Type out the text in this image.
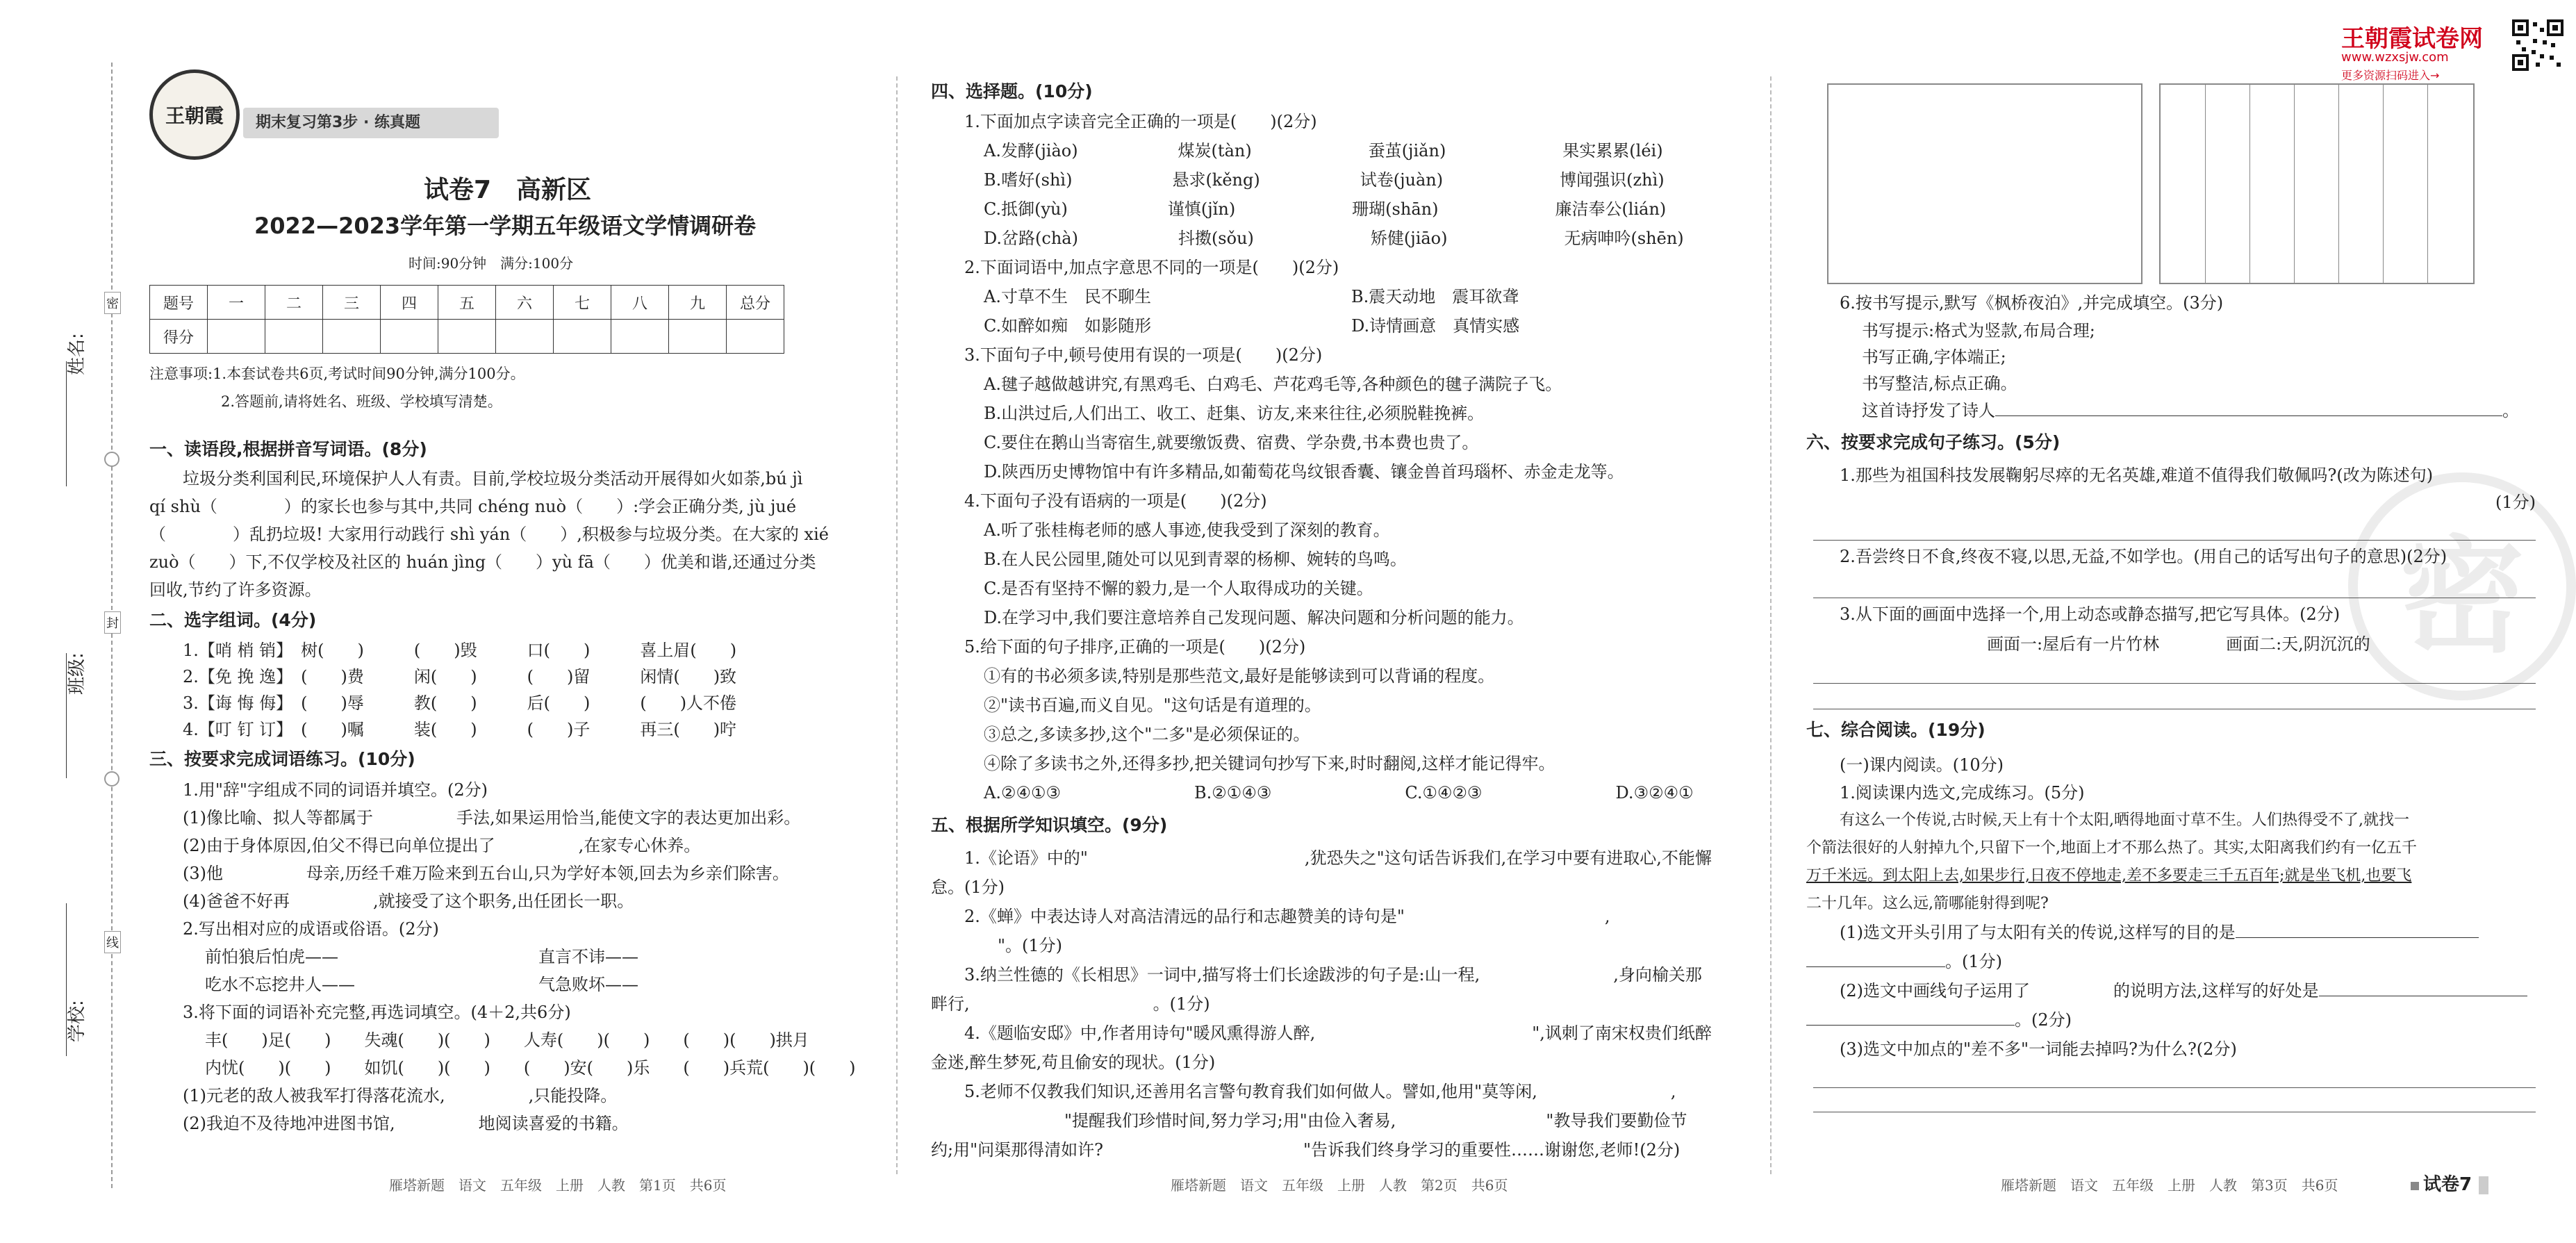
密
封
线
姓名:
班级:
学校:
王朝霞	期末复习第3步 · 练真题
试卷7　高新区
2022—2023学年第一学期五年级语文学情调研卷
时间:90分钟　满分:100分
题号	一	二	三	四	五	六	七	八	九	总分
得分										
注意事项:1.本套试卷共6页,考试时间90分钟,满分100分。
2.答题前,请将姓名、班级、学校填写清楚。
一、读语段,根据拼音写词语。(8分)
垃圾分类利国利民,环境保护人人有责。目前,学校垃圾分类活动开展得如火如荼,bú jì
qí shù（　　　　）的家长也参与其中,共同 chéng nuò（　　）:学会正确分类, jù jué
（　　　　）乱扔垃圾! 大家用行动践行 shì yán（　　）,积极参与垃圾分类。在大家的 xié
zuò（　　）下,不仅学校及社区的 huán jìng（　　）yù fā（　　）优美和谐,还通过分类
回收,节约了许多资源。
二、选字组词。(4分)
1.【哨 梢 销】　树(　　)　　　(　　)毁　　　口(　　)　　　喜上眉(　　)
2.【免 挽 逸】　(　　)费　　　闲(　　)　　　(　　)留　　　闲情(　　)致
3.【诲 悔 侮】　(　　)辱　　　教(　　)　　　后(　　)　　　(　　)人不倦
4.【叮 钉 订】　(　　)嘱　　　装(　　)　　　(　　)子　　　再三(　　)咛
三、按要求完成词语练习。(10分)
1.用"辞"字组成不同的词语并填空。(2分)
(1)像比喻、拟人等都属于　　　　　手法,如果运用恰当,能使文字的表达更加出彩。
(2)由于身体原因,伯父不得已向单位提出了　　　　　,在家专心休养。
(3)他　　　　　母亲,历经千难万险来到五台山,只为学好本领,回去为乡亲们除害。
(4)爸爸不好再　　　　　,就接受了这个职务,出任团长一职。
2.写出相对应的成语或俗语。(2分)
前怕狼后怕虎——　　　　　　　　　　　　直言不讳——
吃水不忘挖井人——　　　　　　　　　　　气急败坏——
3.将下面的词语补充完整,再选词填空。(4＋2,共6分)
丰(　　)足(　　)　　失魂(　　)(　　)　　人寿(　　)(　　)　　(　　)(　　)拱月
内忧(　　)(　　)　　如饥(　　)(　　)　　(　　)安(　　)乐　　(　　)兵荒(　　)(　　)
(1)元老的敌人被我军打得落花流水,　　　　　,只能投降。
(2)我迫不及待地冲进图书馆,　　　　　地阅读喜爱的书籍。
雁塔新题　语文　五年级　上册　人教　第1页　共6页
四、选择题。(10分)
1.下面加点字读音完全正确的一项是(　　)(2分)
A.发酵(jiào)　　　　　　煤炭(tàn)　　　　　　　蚕茧(jiǎn)　　　　　　　果实累累(léi)
B.嗜好(shì)　　　　　　悬求(kěng)　　　　　　试卷(juàn)　　　　　　　博闻强识(zhì)
C.抵御(yù)　　　　　　谨慎(jǐn)　　　　　　　珊瑚(shān)　　　　　　　廉洁奉公(lián)
D.岔路(chà)　　　　　　抖擞(sǒu)　　　　　　　矫健(jiāo)　　　　　　　无病呻吟(shēn)
2.下面词语中,加点字意思不同的一项是(　　)(2分)
A.寸草不生　民不聊生　　　　　　　　　　　　B.震天动地　震耳欲聋
C.如醉如痴　如影随形　　　　　　　　　　　　D.诗情画意　真情实感
3.下面句子中,顿号使用有误的一项是(　　)(2分)
A.毽子越做越讲究,有黑鸡毛、白鸡毛、芦花鸡毛等,各种颜色的毽子满院子飞。
B.山洪过后,人们出工、收工、赶集、访友,来来往往,必须脱鞋挽裤。
C.要住在鹅山当寄宿生,就要缴饭费、宿费、学杂费,书本费也贵了。
D.陕西历史博物馆中有许多精品,如葡萄花鸟纹银香囊、镶金兽首玛瑙杯、赤金走龙等。
4.下面句子没有语病的一项是(　　)(2分)
A.听了张桂梅老师的感人事迹,使我受到了深刻的教育。
B.在人民公园里,随处可以见到青翠的杨柳、婉转的鸟鸣。
C.是否有坚持不懈的毅力,是一个人取得成功的关键。
D.在学习中,我们要注意培养自己发现问题、解决问题和分析问题的能力。
5.给下面的句子排序,正确的一项是(　　)(2分)
①有的书必须多读,特别是那些范文,最好是能够读到可以背诵的程度。
②"读书百遍,而义自见。"这句话是有道理的。
③总之,多读多抄,这个"二多"是必须保证的。
④除了多读书之外,还得多抄,把关键词句抄写下来,时时翻阅,这样才能记得牢。
A.②④①③　　　　　　　　B.②①④③　　　　　　　　C.①④②③　　　　　　　　D.③②④①
五、根据所学知识填空。(9分)
1.《论语》中的"　　　　　　　　　　　　　,犹恐失之"这句话告诉我们,在学习中要有进取心,不能懈
怠。(1分)
2.《蝉》中表达诗人对高洁清远的品行和志趣赞美的诗句是"　　　　　　　　　　　　,　　　　　　　　
　　　　"。(1分)
3.纳兰性德的《长相思》一词中,描写将士们长途跋涉的句子是:山一程,　　　　　　　　,身向榆关那
畔行,　　　　　　　　　　　。(1分)
4.《题临安邸》中,作者用诗句"暖风熏得游人醉,　　　　　　　　　　　　　",讽刺了南宋权贵们纸醉
金迷,醉生梦死,苟且偷安的现状。(1分)
5.老师不仅教我们知识,还善用名言警句教育我们如何做人。譬如,他用"莫等闲,　　　　　　　　,
　　　　　　　　"提醒我们珍惜时间,努力学习;用"由俭入奢易,　　　　　　　　　"教导我们要勤俭节
约;用"问渠那得清如许?　　　　　　　　　　　　"告诉我们终身学习的重要性……谢谢您,老师!(2分)
雁塔新题　语文　五年级　上册　人教　第2页　共6页
王朝霞试卷网
www.wzxsjw.com
更多资源扫码进入→
密
6.按书写提示,默写《枫桥夜泊》,并完成填空。(3分)
书写提示:格式为竖款,布局合理;
书写正确,字体端正;
书写整洁,标点正确。
这首诗抒发了诗人	。
六、按要求完成句子练习。(5分)
1.那些为祖国科技发展鞠躬尽瘁的无名英雄,难道不值得我们敬佩吗?(改为陈述句)
(1分)
2.吾尝终日不食,终夜不寝,以思,无益,不如学也。(用自己的话写出句子的意思)(2分)
3.从下面的画面中选择一个,用上动态或静态描写,把它写具体。(2分)
画面一:屋后有一片竹林　　　　画面二:天,阴沉沉的
七、综合阅读。(19分)
(一)课内阅读。(10分)
1.阅读课内选文,完成练习。(5分)
有这么一个传说,古时候,天上有十个太阳,晒得地面寸草不生。人们热得受不了,就找一
个箭法很好的人射掉九个,只留下一个,地面上才不那么热了。其实,太阳离我们约有一亿五千
万千米远。到太阳上去,如果步行,日夜不停地走,差不多要走三千五百年;就是坐飞机,也要飞
二十几年。这么远,箭哪能射得到呢?
(1)选文开头引用了与太阳有关的传说,这样写的目的是
。(1分)
(2)选文中画线句子运用了　　　　　的说明方法,这样写的好处是
。(2分)
(3)选文中加点的"差不多"一词能去掉吗?为什么?(2分)
雁塔新题　语文　五年级　上册　人教　第3页　共6页	试卷7
